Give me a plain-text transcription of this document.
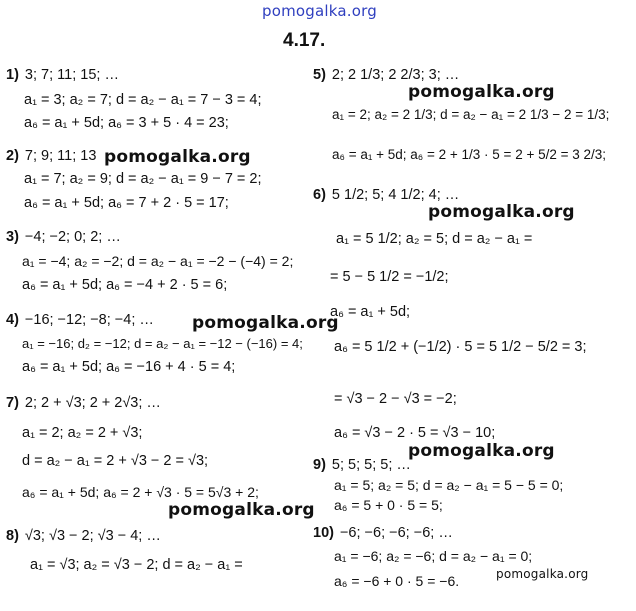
pomogalka.org
4.17.
1) 3; 7; 11; 15; …
a₁ = 3; a₂ = 7; d = a₂ − a₁ = 7 − 3 = 4;
a₆ = a₁ + 5d; a₆ = 3 + 5 · 4 = 23;
2) 7; 9; 11; 13 pomogalka.org
a₁ = 7; a₂ = 9; d = a₂ − a₁ = 9 − 7 = 2;
a₆ = a₁ + 5d; a₆ = 7 + 2 · 5 = 17;
3) −4; −2; 0; 2; …
a₁ = −4; a₂ = −2; d = a₂ − a₁ = −2 − (−4) = 2;
a₆ = a₁ + 5d; a₆ = −4 + 2 · 5 = 6;
4) −16; −12; −8; −4; … pomogalka.org
a₁ = −16; d₂ = −12; d = a₂ − a₁ = −12 − (−16) = 4;
a₆ = a₁ + 5d; a₆ = −16 + 4 · 5 = 4;
7) 2; 2 + √3; 2 + 2√3; …
a₁ = 2; a₂ = 2 + √3;
d = a₂ − a₁ = 2 + √3 − 2 = √3;
a₆ = a₁ + 5d; a₆ = 2 + √3 · 5 = 5√3 + 2;
pomogalka.org
8) √3; √3 − 2; √3 − 4; …
a₁ = √3; a₂ = √3 − 2; d = a₂ − a₁ =
5) 2; 2 1/3; 2 2/3; 3; …
pomogalka.org
a₁ = 2; a₂ = 2 1/3; d = a₂ − a₁ = 2 1/3 − 2 = 1/3;
a₆ = a₁ + 5d; a₆ = 2 + 1/3 · 5 = 2 + 5/2 = 3 2/3;
6) 5 1/2; 5; 4 1/2; 4; …
pomogalka.org
a₁ = 5 1/2; a₂ = 5; d = a₂ − a₁ =
= 5 − 5 1/2 = −1/2;
a₆ = a₁ + 5d;
a₆ = 5 1/2 + (−1/2) · 5 = 5 1/2 − 5/2 = 3;
= √3 − 2 − √3 = −2;
a₆ = √3 − 2 · 5 = √3 − 10;
pomogalka.org
9) 5; 5; 5; 5; …
a₁ = 5; a₂ = 5; d = a₂ − a₁ = 5 − 5 = 0;
a₆ = 5 + 0 · 5 = 5;
10) −6; −6; −6; −6; …
a₁ = −6; a₂ = −6; d = a₂ − a₁ = 0;
a₆ = −6 + 0 · 5 = −6.	pomogalka.org
